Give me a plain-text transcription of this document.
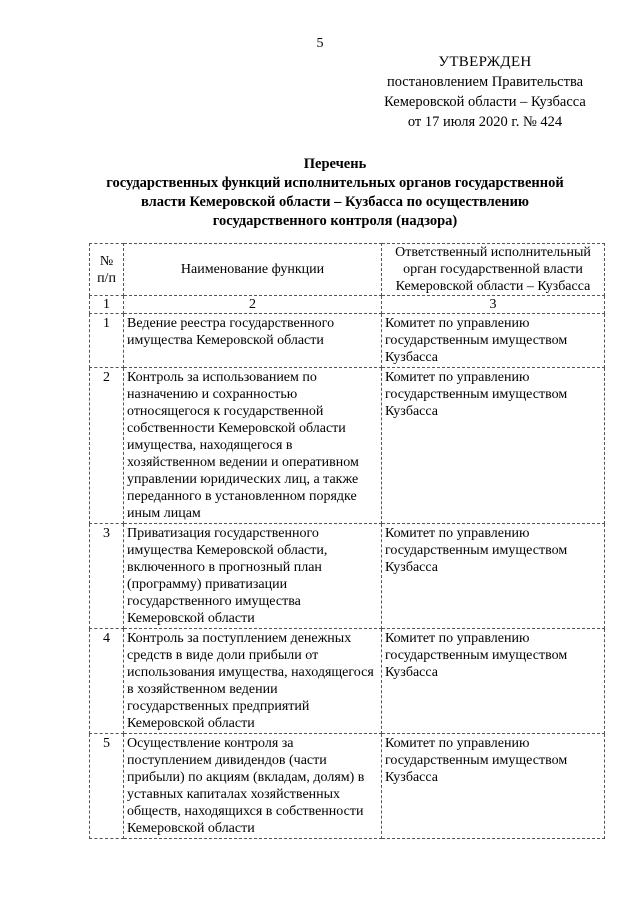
5
УТВЕРЖДЕН
постановлением Правительства
Кемеровской области – Кузбасса
от 17 июля 2020 г. № 424
Перечень
государственных функций исполнительных органов государственной
власти Кемеровской области – Кузбасса по осуществлению
государственного контроля (надзора)
№ п/п	Наименование функции	Ответственный исполнительный орган государственной власти Кемеровской области – Кузбасса
1	2	3
1	Ведение реестра государственного имущества Кемеровской области	Комитет по управлению государственным имуществом Кузбасса
2	Контроль за использованием по назначению и сохранностью относящегося к государственной собственности Кемеровской области имущества, находящегося в хозяйственном ведении и оперативном управлении юридических лиц, а также переданного в установленном порядке иным лицам	Комитет по управлению государственным имуществом Кузбасса
3	Приватизация государственного имущества Кемеровской области, включенного в прогнозный план (программу) приватизации государственного имущества Кемеровской области	Комитет по управлению государственным имуществом Кузбасса
4	Контроль за поступлением денежных средств в виде доли прибыли от использования имущества, находящегося в хозяйственном ведении государственных предприятий Кемеровской области	Комитет по управлению государственным имуществом Кузбасса
5	Осуществление контроля за поступлением дивидендов (части прибыли) по акциям (вкладам, долям) в уставных капиталах хозяйственных обществ, находящихся в собственности Кемеровской области	Комитет по управлению государственным имуществом Кузбасса
